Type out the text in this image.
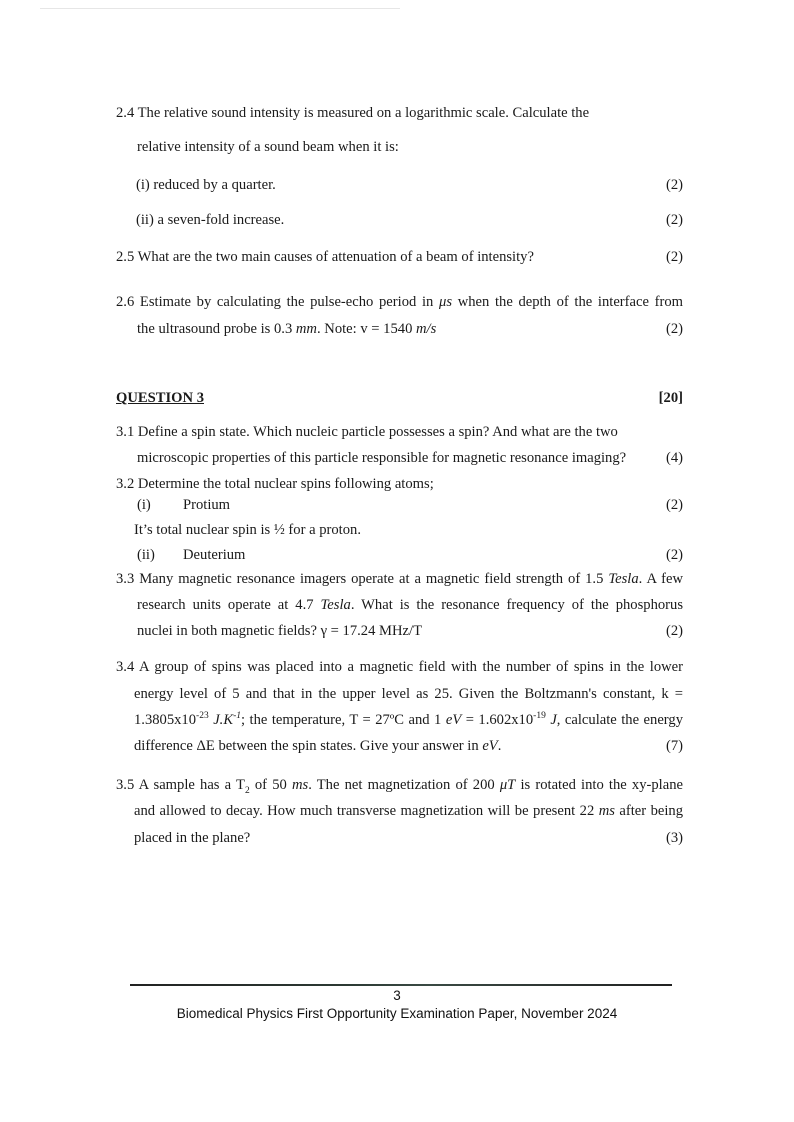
2.4 The relative sound intensity is measured on a logarithmic scale. Calculate the
relative intensity of a sound beam when it is:
(i) reduced by a quarter.	(2)
(ii) a seven-fold increase.	(2)
2.5 What are the two main causes of attenuation of a beam of intensity?	(2)
2.6 Estimate by calculating the pulse-echo period in μs when the depth of the interface from
the ultrasound probe is 0.3 mm. Note: v = 1540 m/s	(2)
QUESTION 3	[20]
3.1 Define a spin state. Which nucleic particle possesses a spin? And what are the two
microscopic properties of this particle responsible for magnetic resonance imaging?	(4)
3.2 Determine the total nuclear spins following atoms;
(i) Protium	(2)
It’s total nuclear spin is ½ for a proton.
(ii) Deuterium	(2)
3.3 Many magnetic resonance imagers operate at a magnetic field strength of 1.5 Tesla. A few
research units operate at 4.7 Tesla. What is the resonance frequency of the phosphorus
nuclei in both magnetic fields? γ = 17.24 MHz/T	(2)
3.4 A group of spins was placed into a magnetic field with the number of spins in the lower
energy level of 5 and that in the upper level as 25. Given the Boltzmann's constant, k =
$1.3805x10^{-23}$ $J.K^{-1}$; the temperature, T = 27ºC and 1 eV = $1.602x10^{-19}$ J, calculate the energy
difference ΔE between the spin states. Give your answer in eV.	(7)
3.5 A sample has a $T_2$ of 50 ms. The net magnetization of 200 μT is rotated into the xy-plane
and allowed to decay. How much transverse magnetization will be present 22 ms after being
placed in the plane?	(3)
3
Biomedical Physics First Opportunity Examination Paper, November 2024
